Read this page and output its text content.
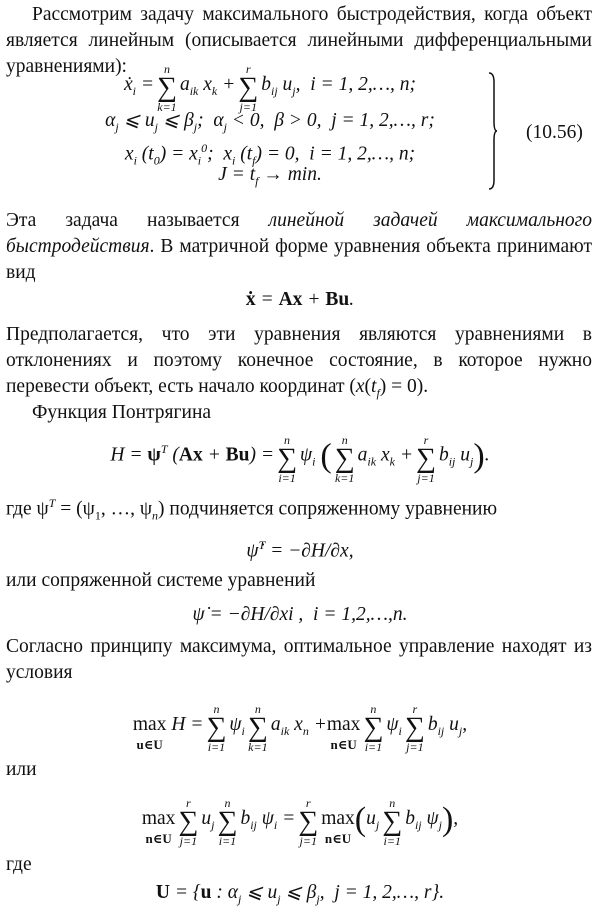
Рассмотрим задачу максимального быстродействия, когда объект является линейным (описывается линейными дифференциальными уравнениями):

$ẋ_i$ = ∑
n
k=1
$a_{ik}$ $x_k$ + ∑
r
j=1
$b_{ij}$ $u_j$,  i = 1, 2,…, n;
$\alpha_j$ ⩽ $u_j$ ⩽ $\beta_j$;  $\alpha_j < 0$,  β > 0,  j = 1, 2,…, r;
$x_i$ $(t_0) = x_i^0$;  $x_i$ $(t_f) = 0$,  i = 1, 2,…, n;
$J = t_f \to \min$.
(10.56)

Эта задача называется линейной задачей максимального быстродействия. В матричной форме уравнения объекта принимают вид

ẋ = Ax + Bu.

Предполагается, что эти уравнения являются уравнениями в отклонениях и поэтому конечное состояние, в которое нужно перевести объект, есть начало координат $(x(t_f) = 0)$.

Функция Понтрягина

$H = \psi^T$ (Ax + Bu) = ∑
n
i=1
$\psi_i$ ( ∑
n
k=1
$a_{ik}$ $x_k$ + ∑
r
j=1
$b_{ij}$ $u_j$).

где $\psi^T = (\psi_1$, …, $\psi_n$) подчиняется сопряженному уравнению

ψ̇$^T$ = −∂H/∂x,

или сопряженной системе уравнений

ψ̇ = −∂H/∂xi ,  i = 1,2,…,n.

Согласно принципу максимума, оптимальное управление находят из условия

max
u∈U
H = ∑
n
i=1
$\psi_i$ ∑
n
k=1
$a_{ik}$ $x_n +\max$
n∈U
∑
n
i=1
$\psi_i$ ∑
r
j=1
$b_{ij}$ $u_j$,

или

max
n∈U
∑
r
j=1
$u_j$ ∑
n
i=1
$b_{ij}$ $\psi_i$ = ∑
r
j=1
max
n∈U
($u_j$ ∑
n
i=1
$b_{ij}$ $\psi_j$),

где

U = {u : $\alpha_j$ ⩽ $u_j$ ⩽ $\beta_j$,  j = 1, 2,…, r}.
